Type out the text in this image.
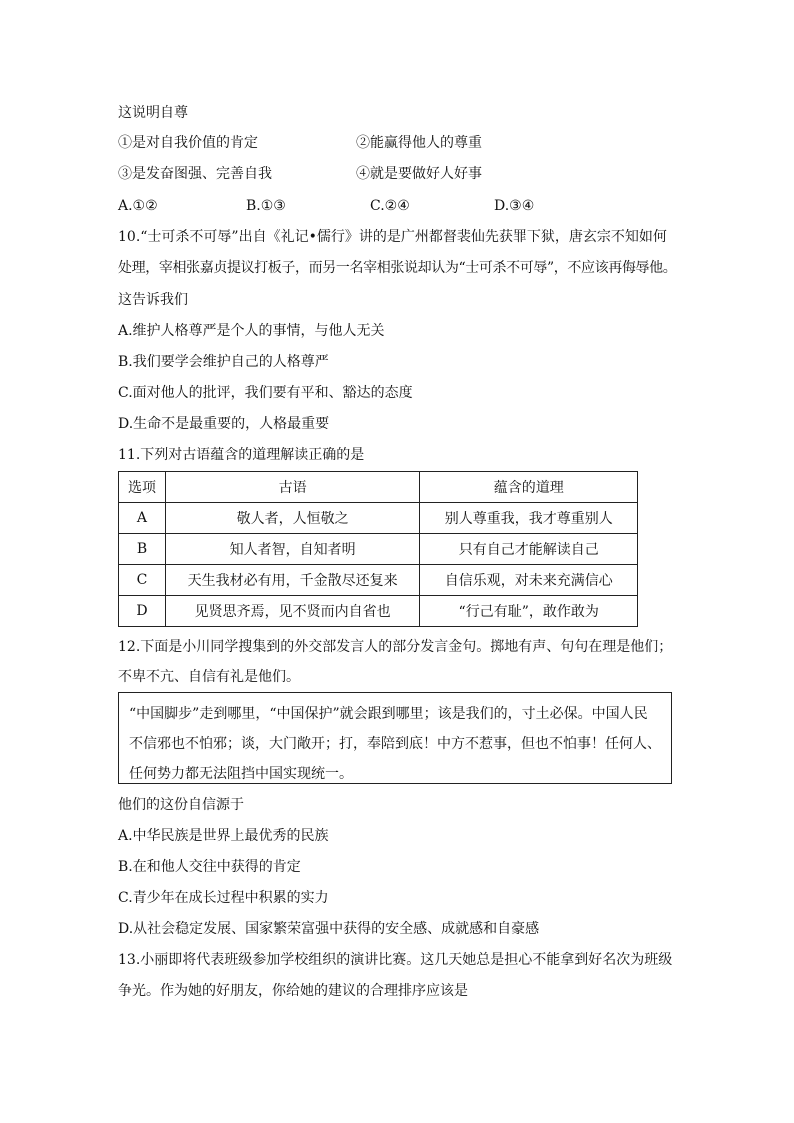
这说明自尊
①是对自我价值的肯定	②能赢得他人的尊重
③是发奋图强、完善自我	④就是要做好人好事
A.①②	B.①③	C.②④	D.③④
10.“士可杀不可辱”出自《礼记•儒行》讲的是广州都督裴仙先获罪下狱，唐玄宗不知如何
处理，宰相张嘉贞提议打板子，而另一名宰相张说却认为“士可杀不可辱”，不应该再侮辱他。
这告诉我们
A.维护人格尊严是个人的事情，与他人无关
B.我们要学会维护自己的人格尊严
C.面对他人的批评，我们要有平和、豁达的态度
D.生命不是最重要的，人格最重要
11.下列对古语蕴含的道理解读正确的是
选项	古语	蕴含的道理
A	敬人者，人恒敬之	别人尊重我，我才尊重别人
B	知人者智，自知者明	只有自己才能解读自己
C	天生我材必有用，千金散尽还复来	自信乐观，对未来充满信心
D	见贤思齐焉，见不贤而内自省也	“行己有耻”，敢作敢为
12.下面是小川同学搜集到的外交部发言人的部分发言金句。掷地有声、句句在理是他们；
不卑不亢、自信有礼是他们。
“中国脚步”走到哪里，“中国保护”就会跟到哪里；该是我们的，寸土必保。中国人民
不信邪也不怕邪；谈，大门敞开；打，奉陪到底！中方不惹事，但也不怕事！任何人、
任何势力都无法阻挡中国实现统一。
他们的这份自信源于
A.中华民族是世界上最优秀的民族
B.在和他人交往中获得的肯定
C.青少年在成长过程中积累的实力
D.从社会稳定发展、国家繁荣富强中获得的安全感、成就感和自豪感
13.小丽即将代表班级参加学校组织的演讲比赛。这几天她总是担心不能拿到好名次为班级
争光。作为她的好朋友，你给她的建议的合理排序应该是
